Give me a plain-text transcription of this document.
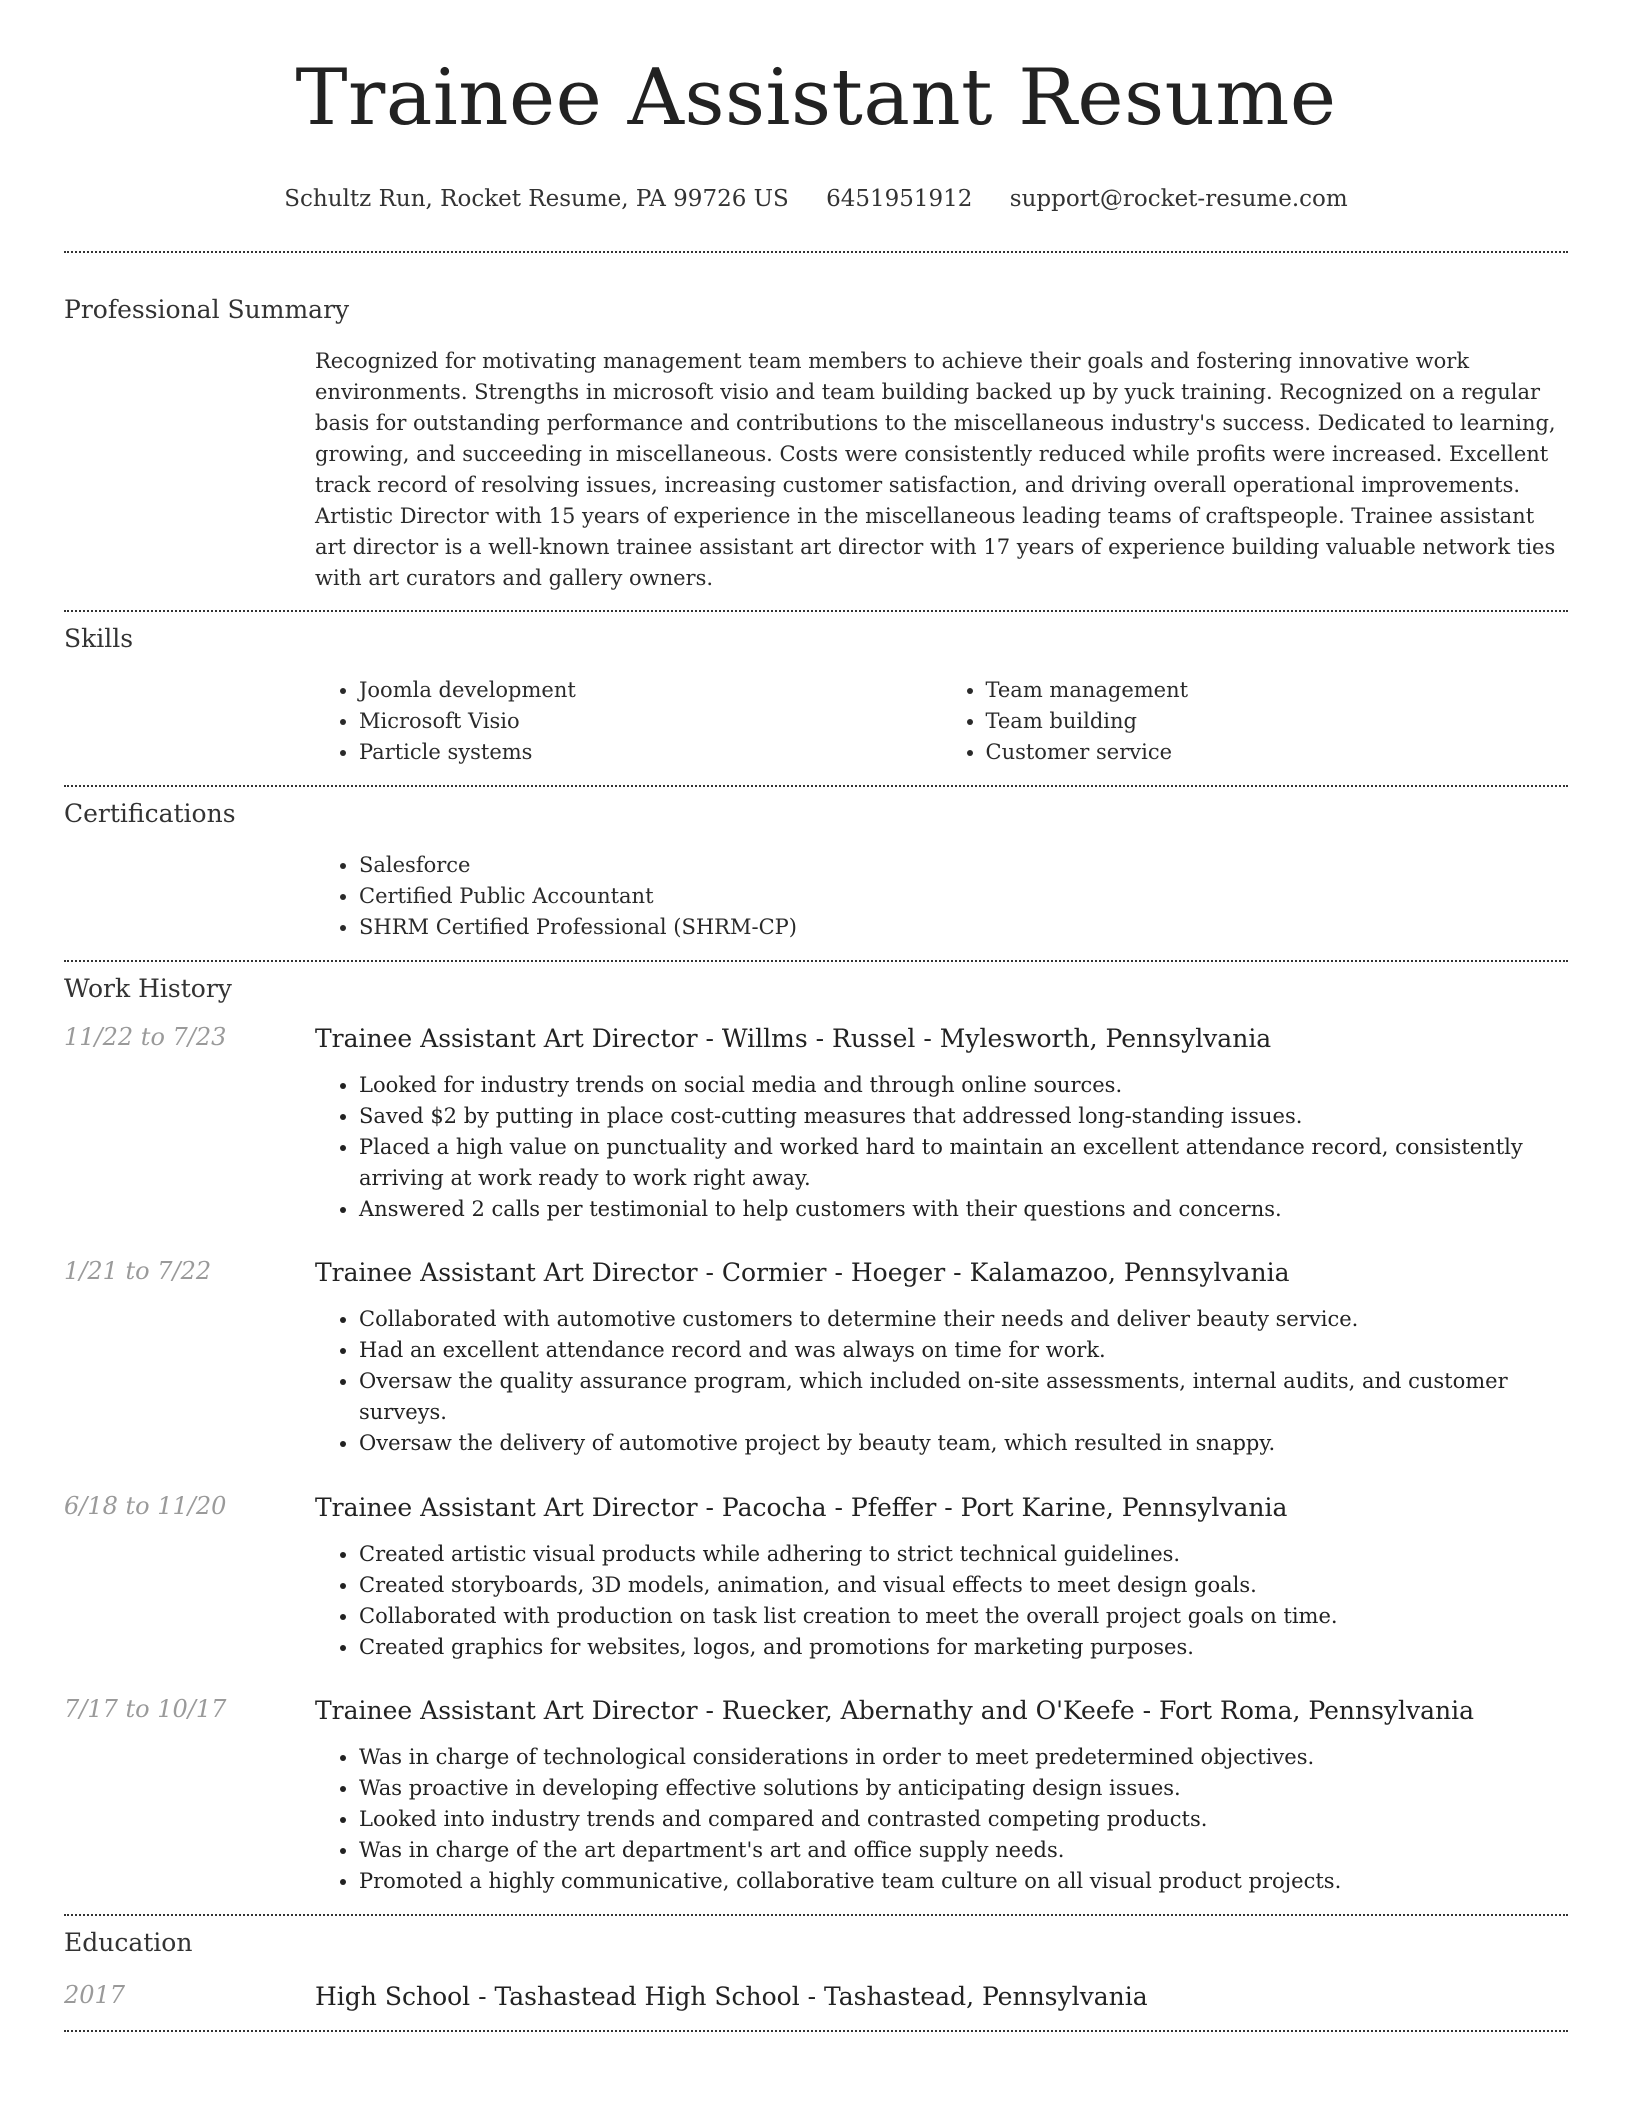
Trainee Assistant Resume
Schultz Run, Rocket Resume, PA 99726 US 6451951912 support@rocket-resume.com
Professional Summary
Recognized for motivating management team members to achieve their goals and fostering innovative work environments. Strengths in microsoft visio and team building backed up by yuck training. Recognized on a regular basis for outstanding performance and contributions to the miscellaneous industry's success. Dedicated to learning, growing, and succeeding in miscellaneous. Costs were consistently reduced while profits were increased. Excellent track record of resolving issues, increasing customer satisfaction, and driving overall operational improvements. Artistic Director with 15 years of experience in the miscellaneous leading teams of craftspeople. Trainee assistant art director is a well-known trainee assistant art director with 17 years of experience building valuable network ties with art curators and gallery owners.
Skills
• Joomla development
• Microsoft Visio
• Particle systems
• Team management
• Team building
• Customer service
Certifications
• Salesforce
• Certified Public Accountant
• SHRM Certified Professional (SHRM-CP)
Work History
11/22 to 7/23	Trainee Assistant Art Director - Willms - Russel - Mylesworth, Pennsylvania
• Looked for industry trends on social media and through online sources.
• Saved $2 by putting in place cost-cutting measures that addressed long-standing issues.
• Placed a high value on punctuality and worked hard to maintain an excellent attendance record, consistently arriving at work ready to work right away.
• Answered 2 calls per testimonial to help customers with their questions and concerns.
1/21 to 7/22	Trainee Assistant Art Director - Cormier - Hoeger - Kalamazoo, Pennsylvania
• Collaborated with automotive customers to determine their needs and deliver beauty service.
• Had an excellent attendance record and was always on time for work.
• Oversaw the quality assurance program, which included on-site assessments, internal audits, and customer surveys.
• Oversaw the delivery of automotive project by beauty team, which resulted in snappy.
6/18 to 11/20	Trainee Assistant Art Director - Pacocha - Pfeffer - Port Karine, Pennsylvania
• Created artistic visual products while adhering to strict technical guidelines.
• Created storyboards, 3D models, animation, and visual effects to meet design goals.
• Collaborated with production on task list creation to meet the overall project goals on time.
• Created graphics for websites, logos, and promotions for marketing purposes.
7/17 to 10/17	Trainee Assistant Art Director - Ruecker, Abernathy and O'Keefe - Fort Roma, Pennsylvania
• Was in charge of technological considerations in order to meet predetermined objectives.
• Was proactive in developing effective solutions by anticipating design issues.
• Looked into industry trends and compared and contrasted competing products.
• Was in charge of the art department's art and office supply needs.
• Promoted a highly communicative, collaborative team culture on all visual product projects.
Education
2017	High School - Tashastead High School - Tashastead, Pennsylvania
